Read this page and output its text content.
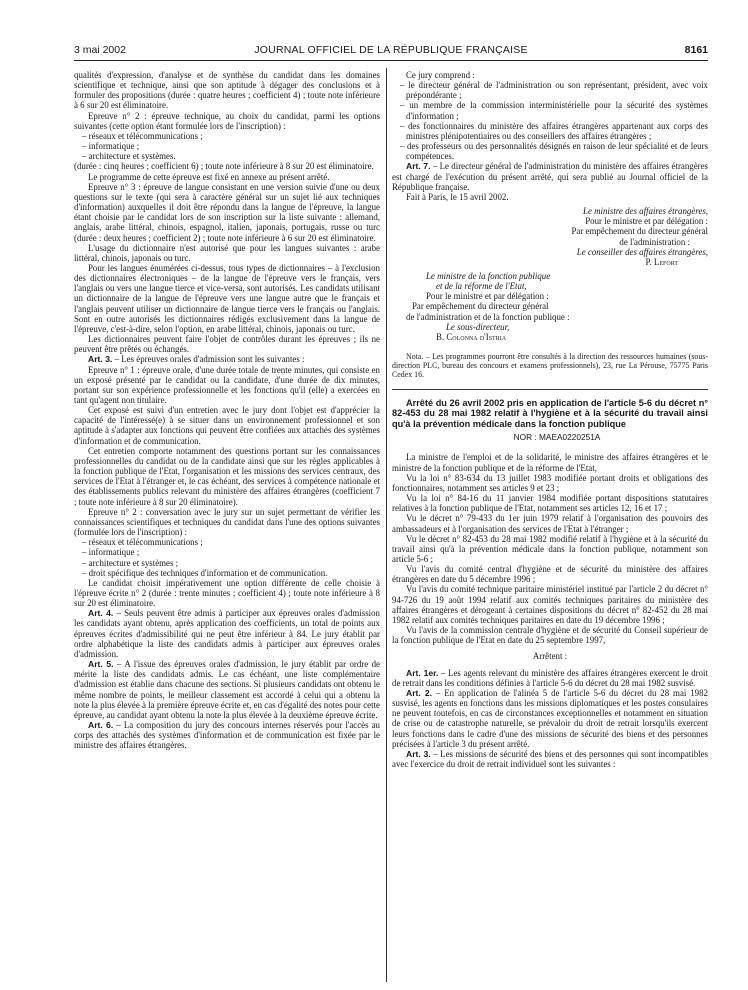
3 mai 2002	JOURNAL OFFICIEL DE LA RÉPUBLIQUE FRANÇAISE	8161

qualités d'expression, d'analyse et de synthèse du candidat dans les domaines scientifique et technique, ainsi que son aptitude à dégager des conclusions et à formuler des propositions (durée : quatre heures ; coefficient 4) ; toute note inférieure à 6 sur 20 est éliminatoire.

Epreuve n° 2 : épreuve technique, au choix du candidat, parmi les options suivantes (cette option étant formulée lors de l'inscription) :

– réseaux et télécommunications ;

– informatique ;

– architecture et systèmes.

(durée : cinq heures ; coefficient 6) ; toute note inférieure à 8 sur 20 est éliminatoire.

Le programme de cette épreuve est fixé en annexe au présent arrêté.

Epreuve n° 3 : épreuve de langue consistant en une version suivie d'une ou deux questions sur le texte (qui sera à caractère général sur un sujet lié aux techniques d'information) auxquelles il doit être répondu dans la langue de l'épreuve, la langue étant choisie par le candidat lors de son inscription sur la liste suivante : allemand, anglais, arabe littéral, chinois, espagnol, italien, japonais, portugais, russe ou turc (durée : deux heures ; coefficient 2) ; toute note inférieure à 6 sur 20 est éliminatoire.

L'usage du dictionnaire n'est autorisé que pour les langues suivantes : arabe littéral, chinois, japonais ou turc.

Pour les langues énumérées ci-dessus, tous types de dictionnaires – à l'exclusion des dictionnaires électroniques – de la langue de l'épreuve vers le français, vers l'anglais ou vers une langue tierce et vice-versa, sont autorisés. Les candidats utilisant un dictionnaire de la langue de l'épreuve vers une langue autre que le français et l'anglais peuvent utiliser un dictionnaire de langue tierce vers le français ou l'anglais. Sont en outre autorisés les dictionnaires rédigés exclusivement dans la langue de l'épreuve, c'est-à-dire, selon l'option, en arabe littéral, chinois, japonais ou turc.

Les dictionnaires peuvent faire l'objet de contrôles durant les épreuves ; ils ne peuvent être prêtés ou échangés.

Art. 3. – Les épreuves orales d'admission sont les suivantes :

Epreuve n° 1 : épreuve orale, d'une durée totale de trente minutes, qui consiste en un exposé présenté par le candidat ou la candidate, d'une durée de dix minutes, portant sur son expérience professionnelle et les fonctions qu'il (elle) a exercées en tant qu'agent non titulaire.

Cet exposé est suivi d'un entretien avec le jury dont l'objet est d'apprécier la capacité de l'intéressé(e) à se situer dans un environnement professionnel et son aptitude à s'adapter aux fonctions qui peuvent être confiées aux attachés des systèmes d'information et de communication.

Cet entretien comporte notamment des questions portant sur les connaissances professionnelles du candidat ou de la candidate ainsi que sur les règles applicables à la fonction publique de l'Etat, l'organisation et les missions des services centraux, des services de l'Etat à l'étranger et, le cas échéant, des services à compétence nationale et des établissements publics relevant du ministère des affaires étrangères (coefficient 7 ; toute note inférieure à 8 sur 20 éliminatoire).

Epreuve n° 2 : conversation avec le jury sur un sujet permettant de vérifier les connaissances scientifiques et techniques du candidat dans l'une des options suivantes (formulée lors de l'inscription) :

– réseaux et télécommunications ;

– informatique ;

– architecture et systèmes ;

– droit spécifique des techniques d'information et de communication.

Le candidat choisit impérativement une option différente de celle choisie à l'épreuve écrite n° 2 (durée : trente minutes ; coefficient 4) ; toute note inférieure à 8 sur 20 est éliminatoire.

Art. 4. – Seuls peuvent être admis à participer aux épreuves orales d'admission les candidats ayant obtenu, après application des coefficients, un total de points aux épreuves écrites d'admissibilité qui ne peut être inférieur à 84. Le jury établit par ordre alphabétique la liste des candidats admis à participer aux épreuves orales d'admission.

Art. 5. – A l'issue des épreuves orales d'admission, le jury établit par ordre de mérite la liste des candidats admis. Le cas échéant, une liste complémentaire d'admission est établie dans chacune des sections. Si plusieurs candidats ont obtenu le même nombre de points, le meilleur classement est accordé à celui qui a obtenu la note la plus élevée à la première épreuve écrite et, en cas d'égalité des notes pour cette épreuve, au candidat ayant obtenu la note la plus élevée à la deuxième épreuve écrite.

Art. 6. – La composition du jury des concours internes réservés pour l'accès au corps des attachés des systèmes d'information et de communication est fixée par le ministre des affaires étrangères.

Ce jury comprend :

– le directeur général de l'administration ou son représentant, président, avec voix prépondérante ;

– un membre de la commission interministérielle pour la sécurité des systèmes d'information ;

– des fonctionnaires du ministère des affaires étrangères appartenant aux corps des ministres plénipotentiaires ou des conseillers des affaires étrangères ;

– des professeurs ou des personnalités désignés en raison de leur spécialité et de leurs compétences.

Art. 7. – Le directeur général de l'administration du ministère des affaires étrangères est chargé de l'exécution du présent arrêté, qui sera publié au Journal officiel de la République française.

Fait à Paris, le 15 avril 2002.

Le ministre des affaires étrangères,

Pour le ministre et par délégation :

Par empêchement du directeur général

de l'administration :

Le conseiller des affaires étrangères,

P. Lefort

Le ministre de la fonction publique

et de la réforme de l'Etat,

Pour le ministre et par délégation :

Par empêchement du directeur général

de l'administration et de la fonction publique :

Le sous-directeur,

B. Colonna d'Istria

Nota. – Les programmes pourront être consultés à la direction des ressources humaines (sous-direction PLC, bureau des concours et examens professionnels), 23, rue La Pérouse, 75775 Paris Cedex 16.

Arrêté du 26 avril 2002 pris en application de l'article 5-6 du décret n° 82-453 du 28 mai 1982 relatif à l'hygiène et à la sécurité du travail ainsi qu'à la prévention médicale dans la fonction publique

NOR : MAEA0220251A

La ministre de l'emploi et de la solidarité, le ministre des affaires étrangères et le ministre de la fonction publique et de la réforme de l'Etat,

Vu la loi n° 83-634 du 13 juillet 1983 modifiée portant droits et obligations des fonctionnaires, notamment ses articles 9 et 23 ;

Vu la loi n° 84-16 du 11 janvier 1984 modifiée portant dispositions statutaires relatives à la fonction publique de l'Etat, notamment ses articles 12, 16 et 17 ;

Vu le décret n° 79-433 du 1er juin 1979 relatif à l'organisation des pouvoirs des ambassadeurs et à l'organisation des services de l'Etat à l'étranger ;

Vu le décret n° 82-453 du 28 mai 1982 modifié relatif à l'hygiène et à la sécurité du travail ainsi qu'à la prévention médicale dans la fonction publique, notamment son article 5-6 ;

Vu l'avis du comité central d'hygiène et de sécurité du ministère des affaires étrangères en date du 5 décembre 1996 ;

Vu l'avis du comité technique paritaire ministériel institué par l'article 2 du décret n° 94-726 du 19 août 1994 relatif aux comités techniques paritaires du ministère des affaires étrangères et dérogeant à certaines dispositions du décret n° 82-452 du 28 mai 1982 relatif aux comités techniques paritaires en date du 19 décembre 1996 ;

Vu l'avis de la commission centrale d'hygiène et de sécurité du Conseil supérieur de la fonction publique de l'Etat en date du 25 septembre 1997,

Arrêtent :

Art. 1er. – Les agents relevant du ministère des affaires étrangères exercent le droit de retrait dans les conditions définies à l'article 5-6 du décret du 28 mai 1982 susvisé.

Art. 2. – En application de l'alinéa 5 de l'article 5-6 du décret du 28 mai 1982 susvisé, les agents en fonctions dans les missions diplomatiques et les postes consulaires ne peuvent toutefois, en cas de circonstances exceptionnelles et notamment en situation de crise ou de catastrophe naturelle, se prévaloir du droit de retrait lorsqu'ils exercent leurs fonctions dans le cadre d'une des missions de sécurité des biens et des personnes précisées à l'article 3 du présent arrêté.

Art. 3. – Les missions de sécurité des biens et des personnes qui sont incompatibles avec l'exercice du droit de retrait individuel sont les suivantes :
